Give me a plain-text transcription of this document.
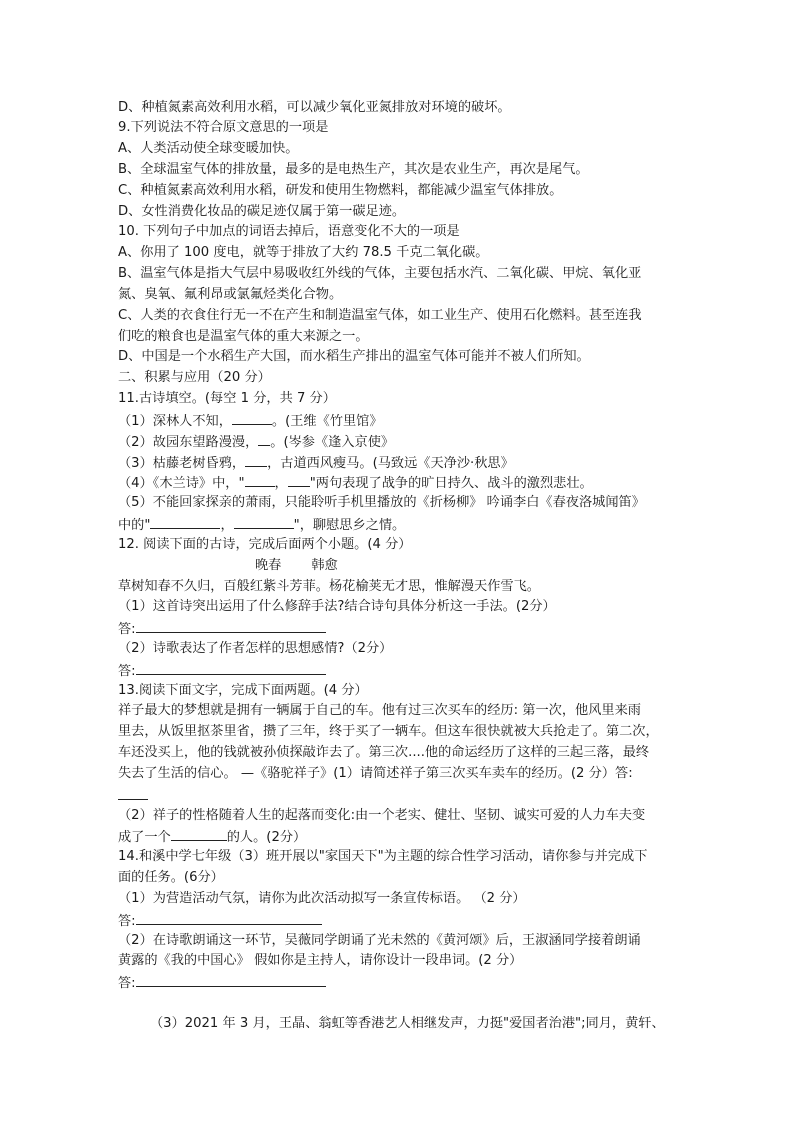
D、种植氮素高效利用水稻，可以减少氧化亚氮排放对环境的破坏。
9.下列说法不符合原文意思的一项是
A、人类活动使全球变暖加快。
B、全球温室气体的排放量，最多的是电热生产，其次是农业生产，再次是尾气。
C、种植氮素高效利用水稻，研发和使用生物燃料，都能减少温室气体排放。
D、女性消费化妆品的碳足迹仅属于第一碳足迹。
10. 下列句子中加点的词语去掉后，语意变化不大的一项是
A、你用了 100 度电，就等于排放了大约 78.5 千克二氧化碳。
B、温室气体是指大气层中易吸收红外线的气体，主要包括水汽、二氧化碳、甲烷、氧化亚
氮、臭氧、氟利昂或氯氟烃类化合物。
C、人类的衣食住行无一不在产生和制造温室气体，如工业生产、使用石化燃料。甚至连我
们吃的粮食也是温室气体的重大来源之一。
D、中国是一个水稻生产大国，而水稻生产排出的温室气体可能并不被人们所知。
二、积累与应用（20 分）
11.古诗填空。(每空 1 分，共 7 分）
（1）深林人不知，	。(王维《竹里馆》
（2）故园东望路漫漫， 。(岑参《逢入京使》
（3）枯藤老树昏鸦， ，古道西风瘦马。(马致远《天净沙·秋思》
（4）《木兰诗》中，" ， "两句表现了战争的旷日持久、战斗的激烈悲壮。
（5）不能回家探亲的萧雨，只能聆听手机里播放的《折杨柳》 吟诵李白《春夜洛城闻笛》
中的"	，	"，聊慰思乡之情。
12. 阅读下面的古诗，完成后面两个小题。(4 分）
晚春 韩愈
草树知春不久归，百般红紫斗芳菲。杨花榆荚无才思，惟解漫天作雪飞。
（1）这首诗突出运用了什么修辞手法?结合诗句具体分析这一手法。(2分）
答:
（2）诗歌表达了作者怎样的思想感情?（2分）
答:
13.阅读下面文字，完成下面两题。(4 分）
祥子最大的梦想就是拥有一辆属于自己的车。他有过三次买车的经历: 第一次，他风里来雨
里去，从饭里抠茶里省，攒了三年，终于买了一辆车。但这车很快就被大兵抢走了。第二次，
车还没买上，他的钱就被孙侦探敲诈去了。第三次....他的命运经历了这样的三起三落，最终
失去了生活的信心。 —《骆驼祥子》(1）请简述祥子第三次买车卖车的经历。(2 分）答:
（2）祥子的性格随着人生的起落而变化:由一个老实、健壮、坚韧、诚实可爱的人力车夫变
成了一个	的人。(2分）
14.和溪中学七年级（3）班开展以"家国天下"为主题的综合性学习活动，请你参与并完成下
面的任务。(6分）
（1）为营造活动气氛，请你为此次活动拟写一条宣传标语。 （2 分）
答:
（2）在诗歌朗诵这一环节，吴薇同学朗诵了光未然的《黄河颂》后，王淑涵同学接着朗诵
黄露的《我的中国心》 假如你是主持人，请你设计一段串词。(2 分）
答:
（3）2021 年 3 月，王晶、翁虹等香港艺人相继发声，力挺"爱国者治港";同月，黄轩、
